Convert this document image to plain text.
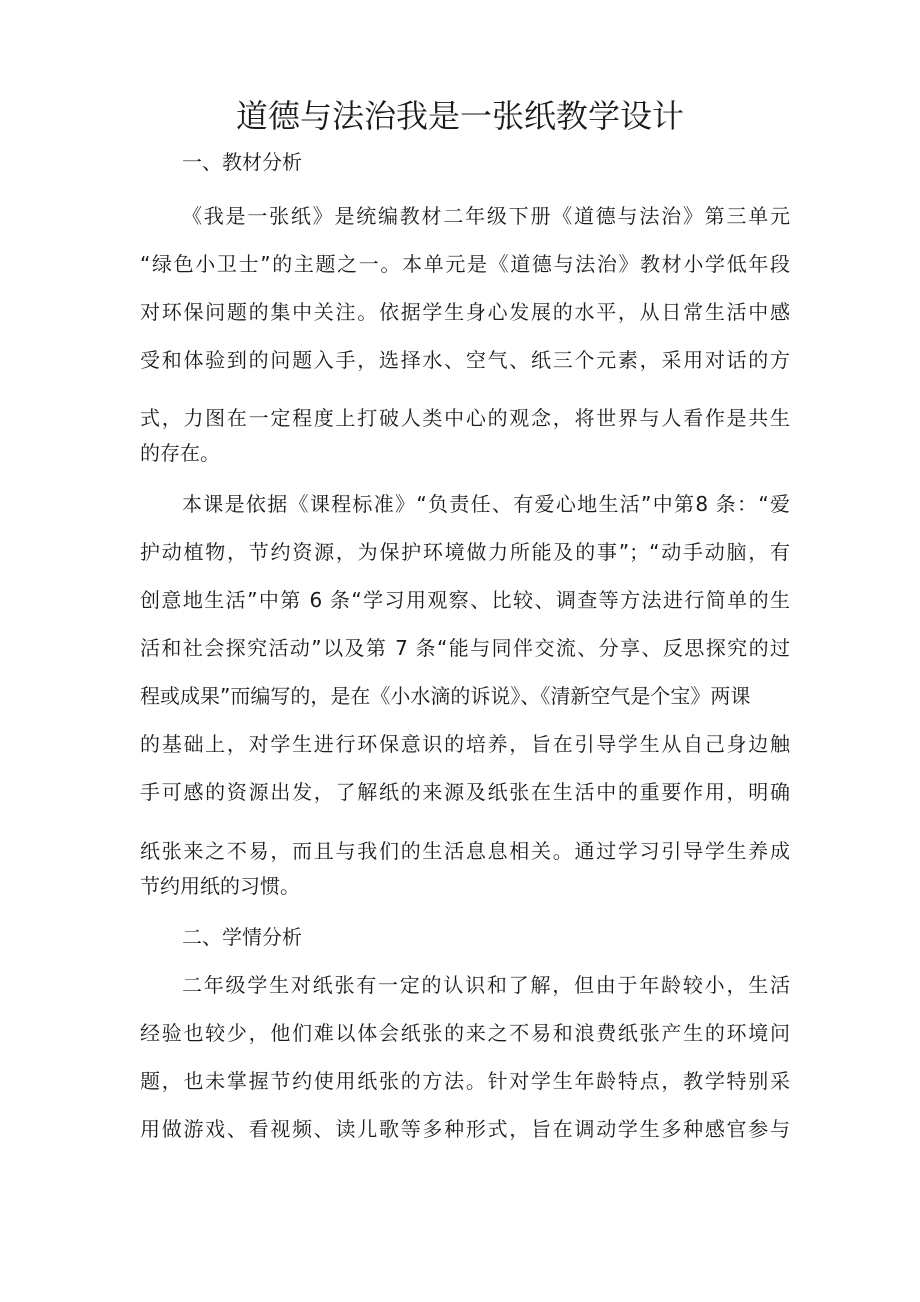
道德与法治我是一张纸教学设计

一、教材分析

《我是一张纸》是统编教材二年级下册《道德与法治》第三单元

“绿色小卫士”的主题之一。本单元是《道德与法治》教材小学低年段

对环保问题的集中关注。依据学生身心发展的水平，从日常生活中感

受和体验到的问题入手，选择水、空气、纸三个元素，采用对话的方

式，力图在一定程度上打破人类中心的观念，将世界与人看作是共生

的存在。

本课是依据《课程标准》“负责任、有爱心地生活”中第8 条：“爱

护动植物，节约资源，为保护环境做力所能及的事”；“动手动脑，有

创意地生活”中第 6 条“学习用观察、比较、调查等方法进行简单的生

活和社会探究活动”以及第 7 条“能与同伴交流、分享、反思探究的过

程或成果”而编写的，是在《小水滴的诉说》、《清新空气是个宝》两课

的基础上，对学生进行环保意识的培养，旨在引导学生从自己身边触

手可感的资源出发，了解纸的来源及纸张在生活中的重要作用，明确

纸张来之不易，而且与我们的生活息息相关。通过学习引导学生养成

节约用纸的习惯。

二、学情分析

二年级学生对纸张有一定的认识和了解，但由于年龄较小，生活

经验也较少，他们难以体会纸张的来之不易和浪费纸张产生的环境问

题，也未掌握节约使用纸张的方法。针对学生年龄特点，教学特别采

用做游戏、看视频、读儿歌等多种形式，旨在调动学生多种感官参与
